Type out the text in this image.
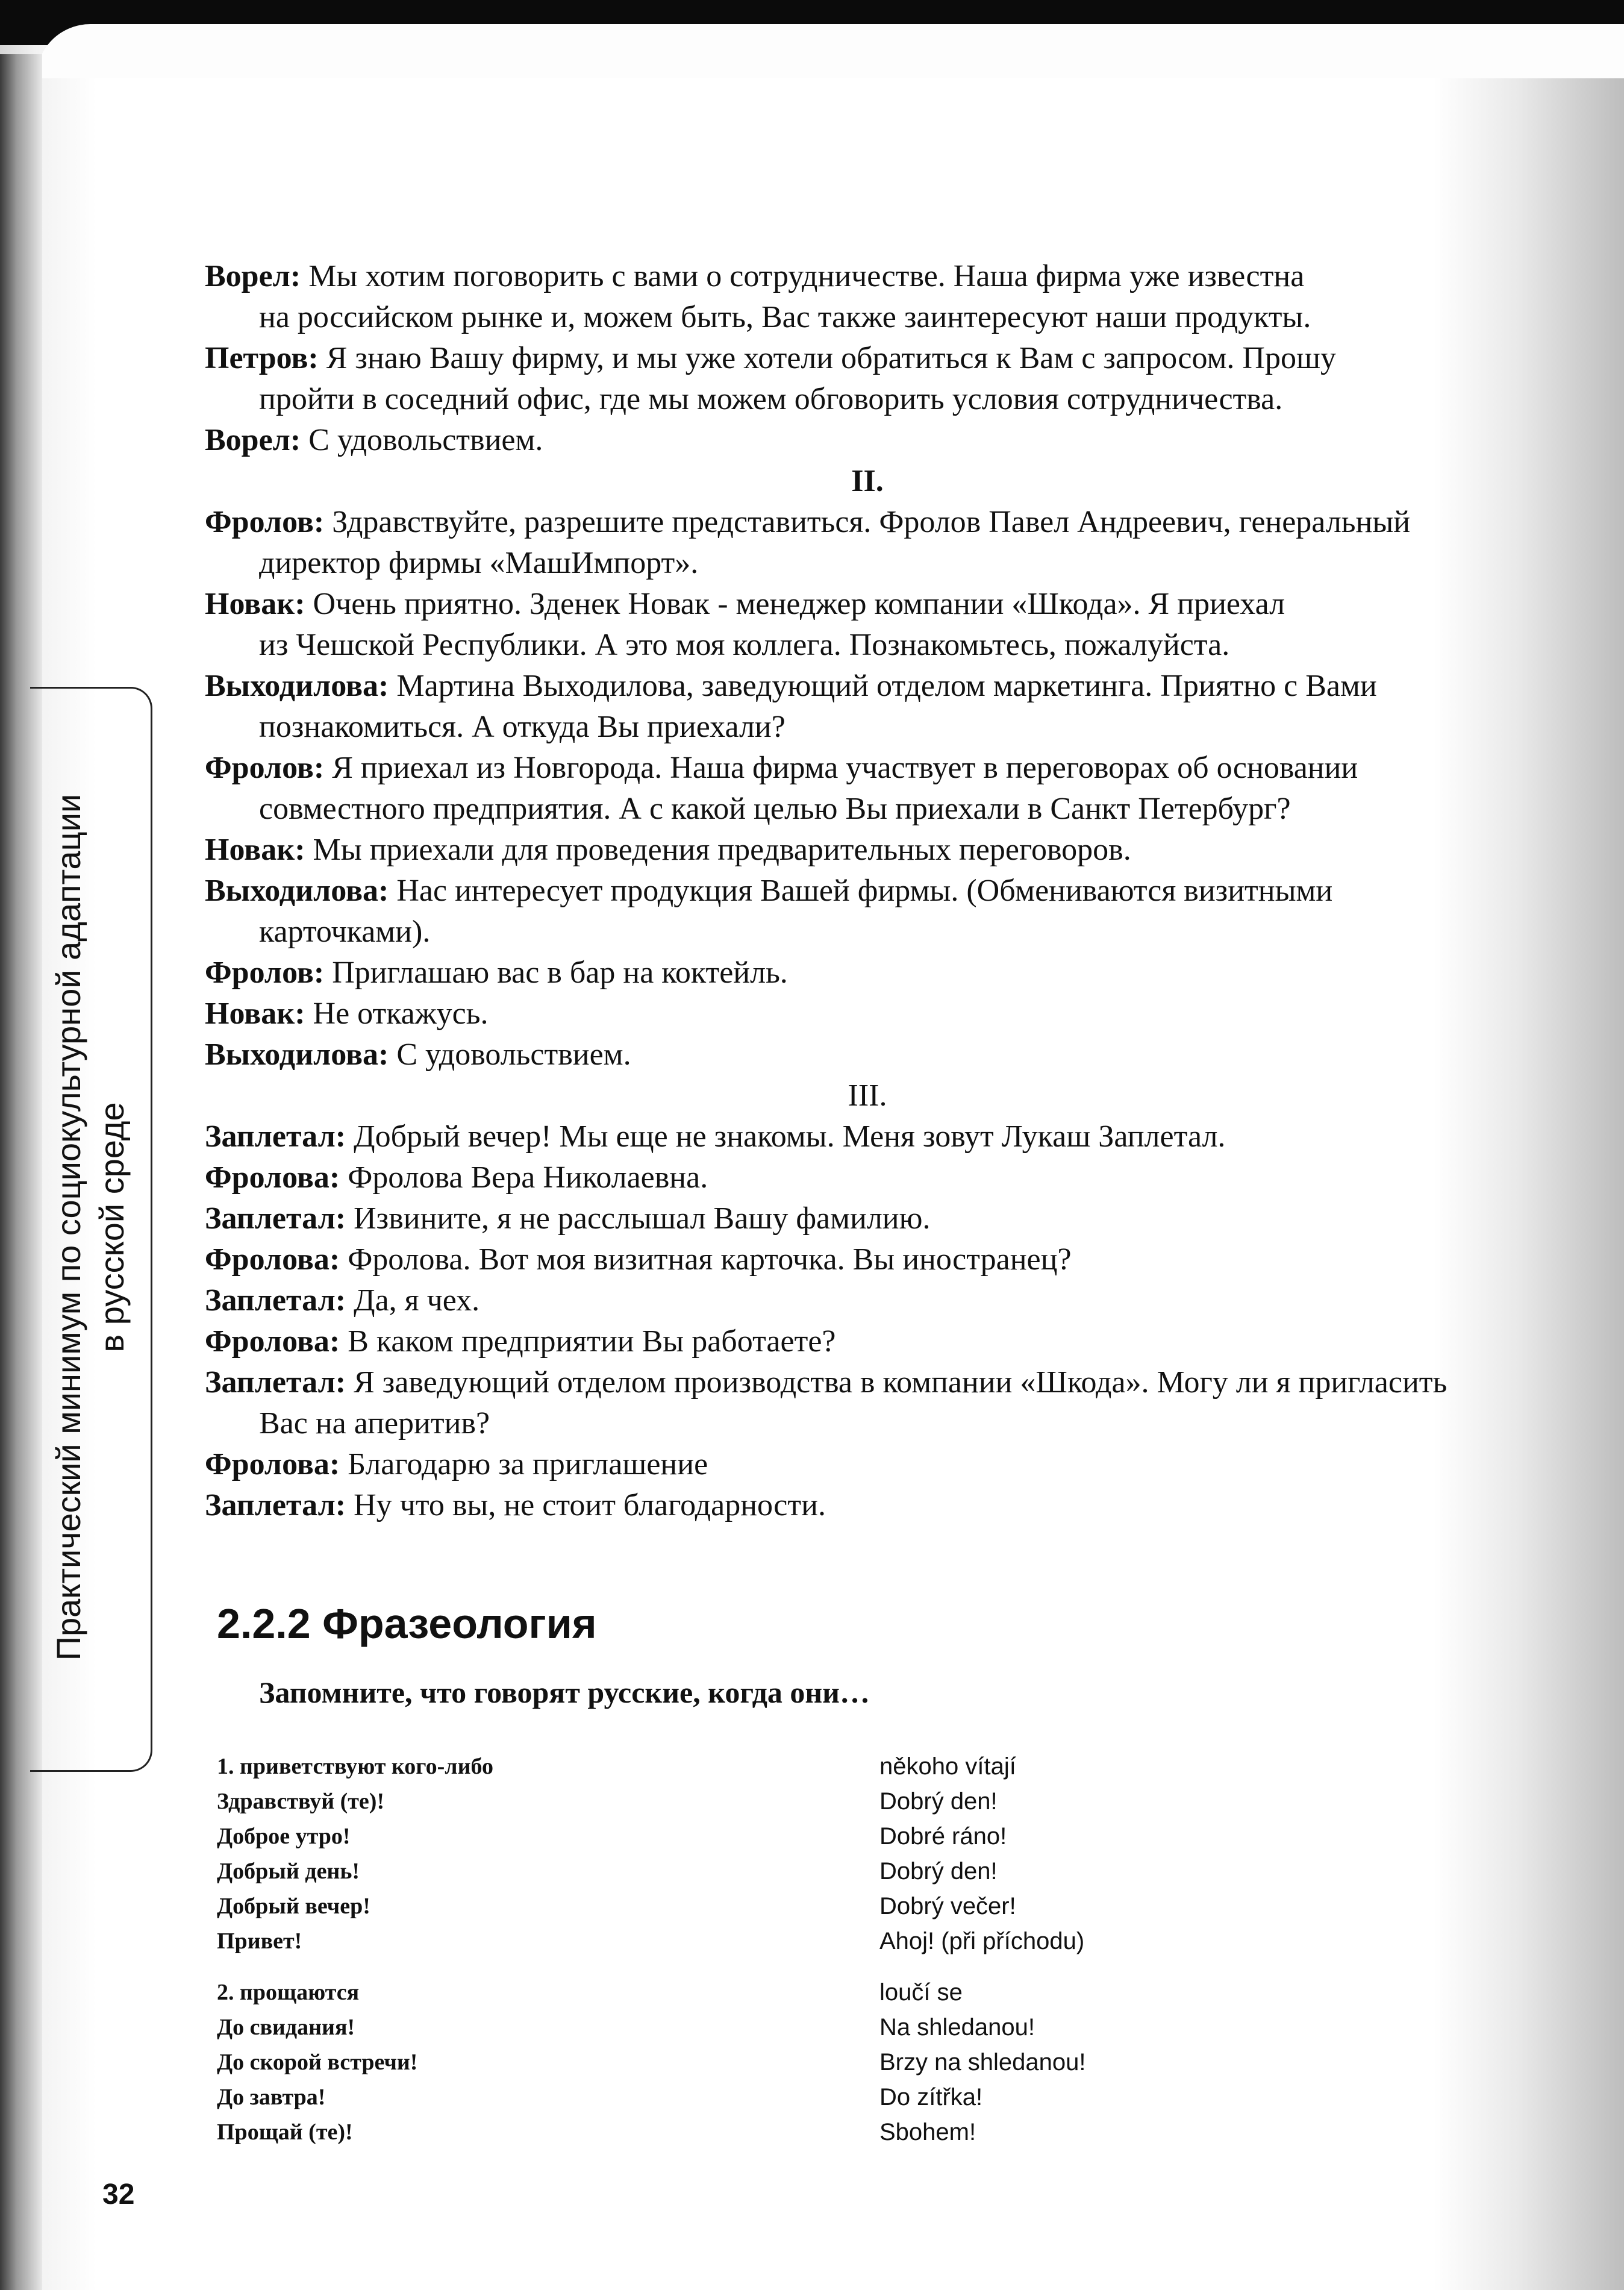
Ворел: Мы хотим поговорить с вами о сотрудничестве. Наша фирма уже известна
на российском рынке и, можем быть, Вас также заинтересуют наши продукты.
Петров: Я знаю Вашу фирму, и мы уже хотели обратиться к Вам с запросом. Прошу
пройти в соседний офис, где мы можем обговорить условия сотрудничества.
Ворел: С удовольствием.
II.
Фролов: Здравствуйте, разрешите представиться. Фролов Павел Андреевич, генеральный
директор фирмы «МашИмпорт».
Новак: Очень приятно. Зденек Новак - менеджер компании «Шкода». Я приехал
из Чешской Республики. А это моя коллега. Познакомьтесь, пожалуйста.
Выходилова: Мартина Выходилова, заведующий отделом маркетинга. Приятно с Вами
познакомиться. А откуда Вы приехали?
Фролов: Я приехал из Новгорода. Наша фирма участвует в переговорах об основании
совместного предприятия. А с какой целью Вы приехали в Санкт Петербург?
Новак: Мы приехали для проведения предварительных переговоров.
Выходилова: Нас интересует продукция Вашей фирмы. (Обмениваются визитными
карточками).
Фролов: Приглашаю вас в бар на коктейль.
Новак: Не откажусь.
Выходилова: С удовольствием.
III.
Заплетал: Добрый вечер! Мы еще не знакомы. Меня зовут Лукаш Заплетал.
Фролова: Фролова Вера Николаевна.
Заплетал: Извините, я не расслышал Вашу фамилию.
Фролова: Фролова. Вот моя визитная карточка. Вы иностранец?
Заплетал: Да, я чех.
Фролова: В каком предприятии Вы работаете?
Заплетал: Я заведующий отделом производства в компании «Шкода». Могу ли я пригласить
Вас на аперитив?
Фролова: Благодарю за приглашение
Заплетал: Ну что вы, не стоит благодарности.
Практический минимум по социокультурной адаптации в русской среде
2.2.2 Фразеология
Запомните, что говорят русские, когда они…
1. приветствуют кого-либо	někoho vítají
Здравствуй (те)!	Dobrý den!
Доброе утро!	Dobré ráno!
Добрый день!	Dobrý den!
Добрый вечер!	Dobrý večer!
Привет!	Ahoj! (při příchodu)
2. прощаются	loučí se
До свидания!	Na shledanou!
До скорой встречи!	Brzy na shledanou!
До завтра!	Do zítřka!
Прощай (те)!	Sbohem!
32
